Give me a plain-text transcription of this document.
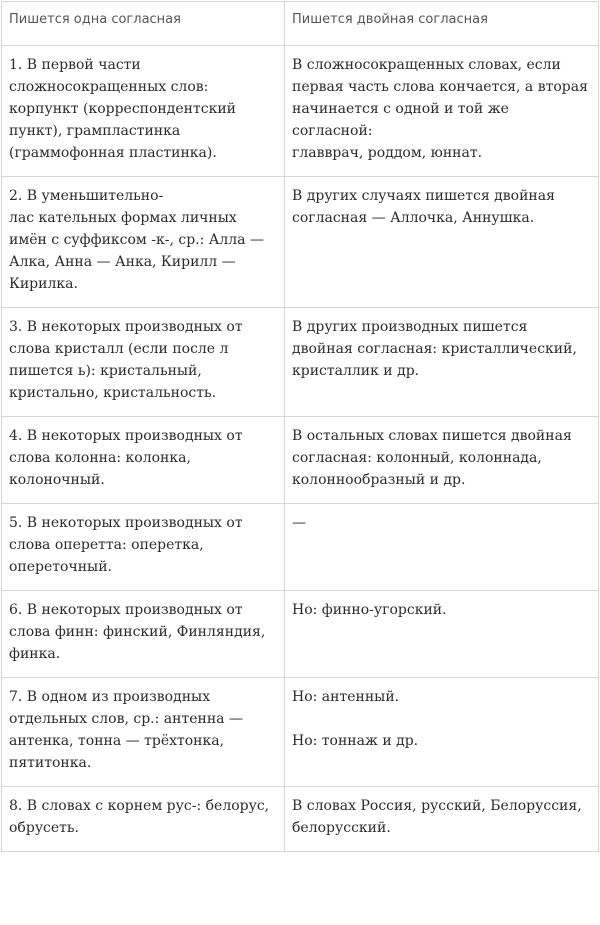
Пишется одна согласная	Пишется двойная согласная

1. В первой части
сложносокращенных слов:
корпункт (корреспондентский
пункт), грампластинка
(граммофонная пластинка).	В сложносокращенных словах, если
первая часть слова кончается, а вторая
начинается с одной и той же согласной:
главврач, роддом, юннат.

2. В уменьшительно-
лас кательных формах личных
имён с суффиксом -к-, ср.: Алла —
Алка, Анна — Анка, Кирилл —
Кирилка.	В других случаях пишется двойная
согласная — Аллочка, Аннушка.

3. В некоторых производных от
слова кристалл (если после л
пишется ь): кристальный,
кристально, кристальность.	В других производных пишется
двойная согласная: кристаллический,
кристаллик и др.

4. В некоторых производных от
слова колонна: колонка,
колоночный.	В остальных словах пишется двойная
согласная: колонный, колоннада,
колоннообразный и др.

5. В некоторых производных от
слова оперетта: оперетка,
опереточный.	—

6. В некоторых производных от
слова финн: финский, Финляндия,
финка.	Но: финно-угорский.

7. В одном из производных
отдельных слов, ср.: антенна —
антенка, тонна — трёхтонка,
пятитонка.	Но: антенный.
Но: тоннаж и др.

8. В словах с корнем рус-: белорус,
обрусеть.	В словах Россия, русский, Белоруссия,
белорусский.
